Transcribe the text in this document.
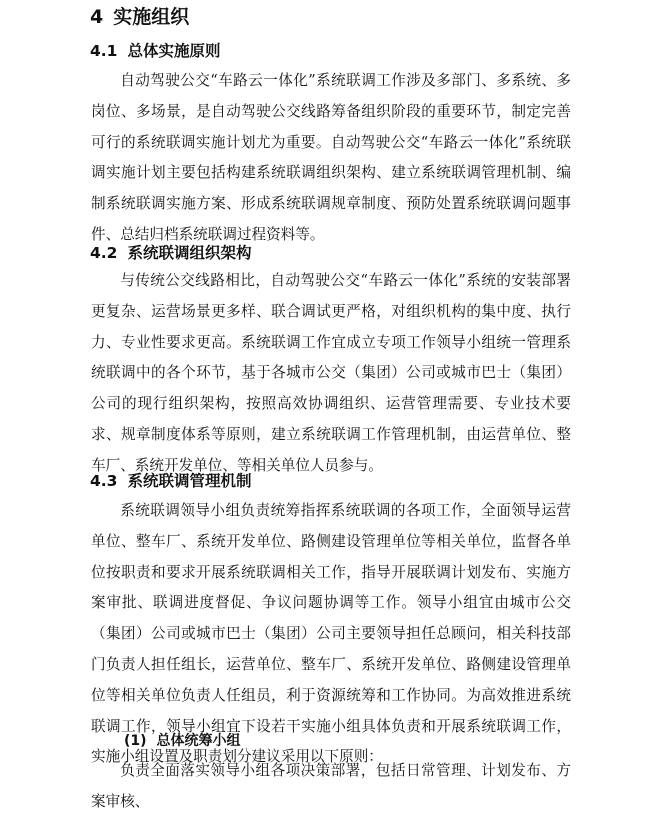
4 实施组织
4.1 总体实施原则

自动驾驶公交“车路云一体化”系统联调工作涉及多部门、多系统、多岗位、多场景，是自动驾驶公交线路筹备组织阶段的重要环节，制定完善可行的系统联调实施计划尤为重要。自动驾驶公交“车路云一体化”系统联调实施计划主要包括构建系统联调组织架构、建立系统联调管理机制、编制系统联调实施方案、形成系统联调规章制度、预防处置系统联调问题事件、总结归档系统联调过程资料等。

4.2 系统联调组织架构

与传统公交线路相比，自动驾驶公交“车路云一体化”系统的安装部署更复杂、运营场景更多样、联合调试更严格，对组织机构的集中度、执行力、专业性要求更高。系统联调工作宜成立专项工作领导小组统一管理系统联调中的各个环节，基于各城市公交（集团）公司或城市巴士（集团）公司的现行组织架构，按照高效协调组织、运营管理需要、专业技术要求、规章制度体系等原则，建立系统联调工作管理机制，由运营单位、整车厂、系统开发单位、等相关单位人员参与。

4.3 系统联调管理机制

系统联调领导小组负责统筹指挥系统联调的各项工作，全面领导运营单位、整车厂、系统开发单位、路侧建设管理单位等相关单位，监督各单位按职责和要求开展系统联调相关工作，指导开展联调计划发布、实施方案审批、联调进度督促、争议问题协调等工作。领导小组宜由城市公交（集团）公司或城市巴士（集团）公司主要领导担任总顾问，相关科技部门负责人担任组长，运营单位、整车厂、系统开发单位、路侧建设管理单位等相关单位负责人任组员，利于资源统筹和工作协同。为高效推进系统联调工作，领导小组宜下设若干实施小组具体负责和开展系统联调工作，实施小组设置及职责划分建议采用以下原则：

(1) 总体统筹小组

负责全面落实领导小组各项决策部署，包括日常管理、计划发布、方案审核、
